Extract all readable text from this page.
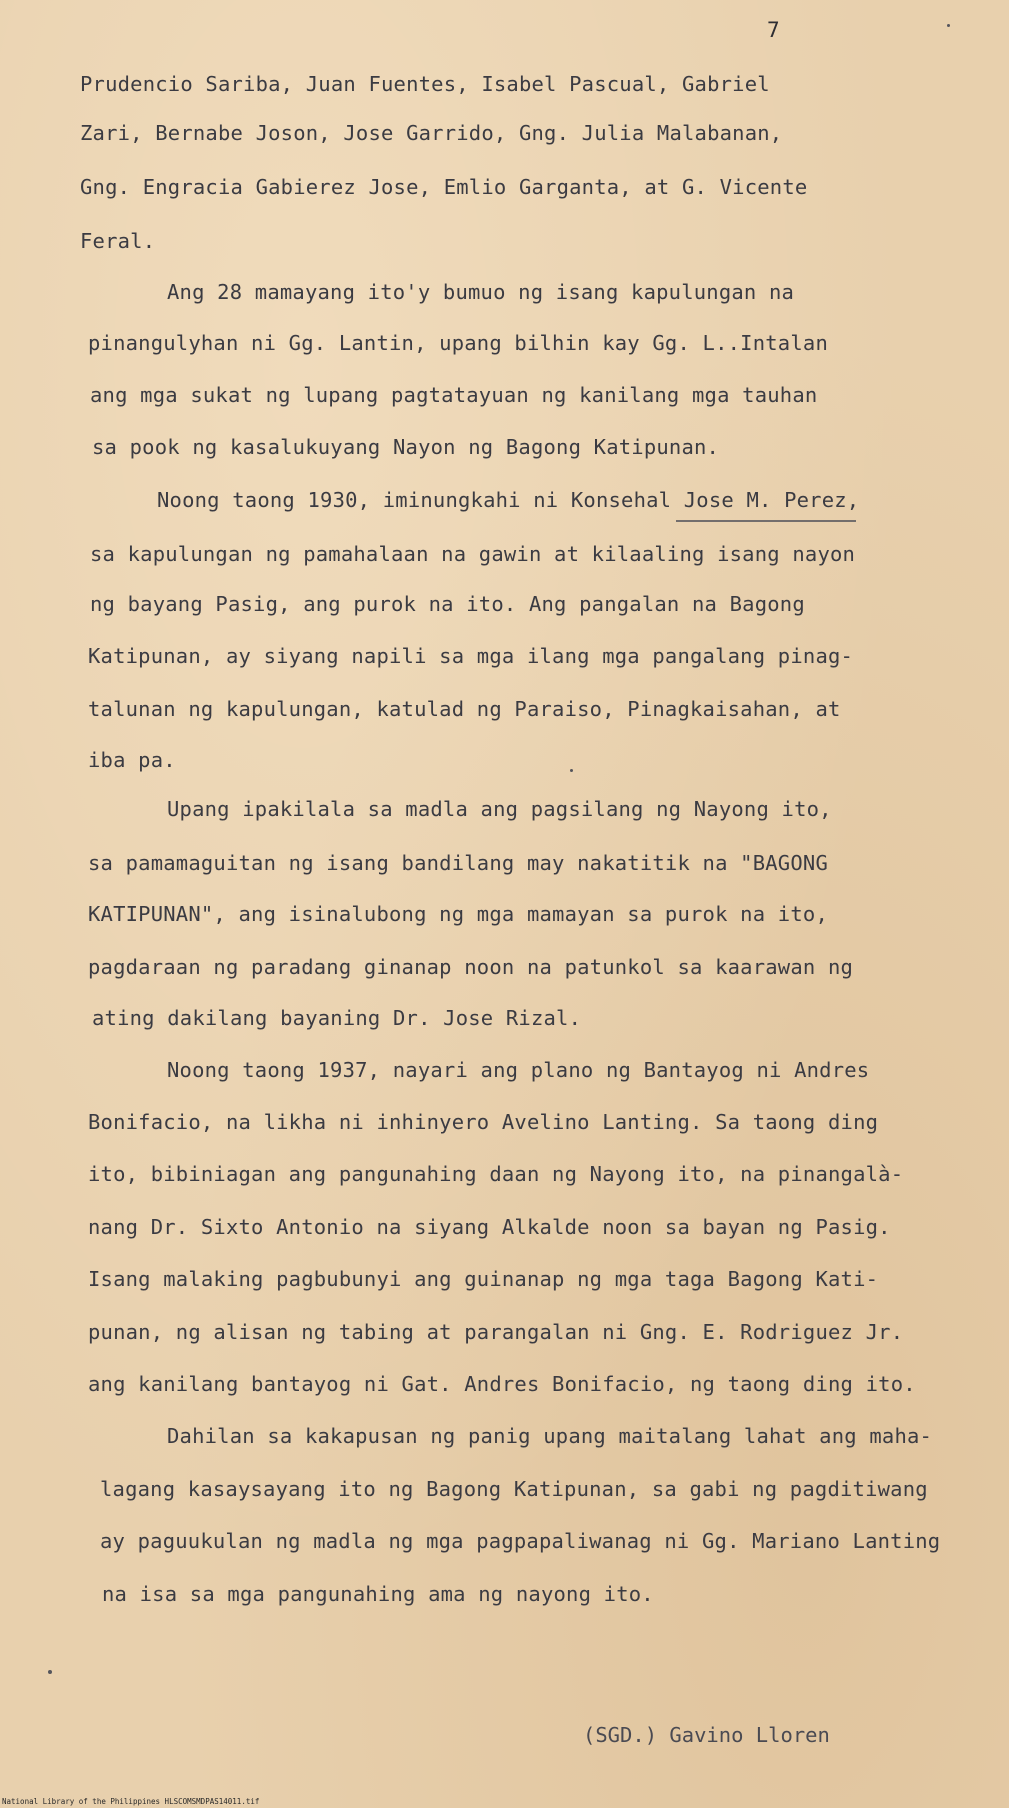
7
Prudencio Sariba, Juan Fuentes, Isabel Pascual, Gabriel
Zari, Bernabe Joson, Jose Garrido, Gng. Julia Malabanan,
Gng. Engracia Gabierez Jose, Emlio Garganta, at G. Vicente
Feral.
Ang 28 mamayang ito'y bumuo ng isang kapulungan na
pinangulyhan ni Gg. Lantin, upang bilhin kay Gg. L..Intalan
ang mga sukat ng lupang pagtatayuan ng kanilang mga tauhan
sa pook ng kasalukuyang Nayon ng Bagong Katipunan.
Noong taong 1930, iminungkahi ni Konsehal Jose M. Perez,
sa kapulungan ng pamahalaan na gawin at kilaaling isang nayon
ng bayang Pasig, ang purok na ito. Ang pangalan na Bagong
Katipunan, ay siyang napili sa mga ilang mga pangalang pinag-
talunan ng kapulungan, katulad ng Paraiso, Pinagkaisahan, at
iba pa.
Upang ipakilala sa madla ang pagsilang ng Nayong ito,
sa pamamaguitan ng isang bandilang may nakatitik na "BAGONG
KATIPUNAN", ang isinalubong ng mga mamayan sa purok na ito,
pagdaraan ng paradang ginanap noon na patunkol sa kaarawan ng
ating dakilang bayaning Dr. Jose Rizal.
Noong taong 1937, nayari ang plano ng Bantayog ni Andres
Bonifacio, na likha ni inhinyero Avelino Lanting. Sa taong ding
ito, bibiniagan ang pangunahing daan ng Nayong ito, na pinangalà-
nang Dr. Sixto Antonio na siyang Alkalde noon sa bayan ng Pasig.
Isang malaking pagbubunyi ang guinanap ng mga taga Bagong Kati-
punan, ng alisan ng tabing at parangalan ni Gng. E. Rodriguez Jr.
ang kanilang bantayog ni Gat. Andres Bonifacio, ng taong ding ito.
Dahilan sa kakapusan ng panig upang maitalang lahat ang maha-
lagang kasaysayang ito ng Bagong Katipunan, sa gabi ng pagditiwang
ay paguukulan ng madla ng mga pagpapaliwanag ni Gg. Mariano Lanting
na isa sa mga pangunahing ama ng nayong ito.
(SGD.) Gavino Lloren
National Library of the Philippines HLSCOMSMDPAS14011.tif
